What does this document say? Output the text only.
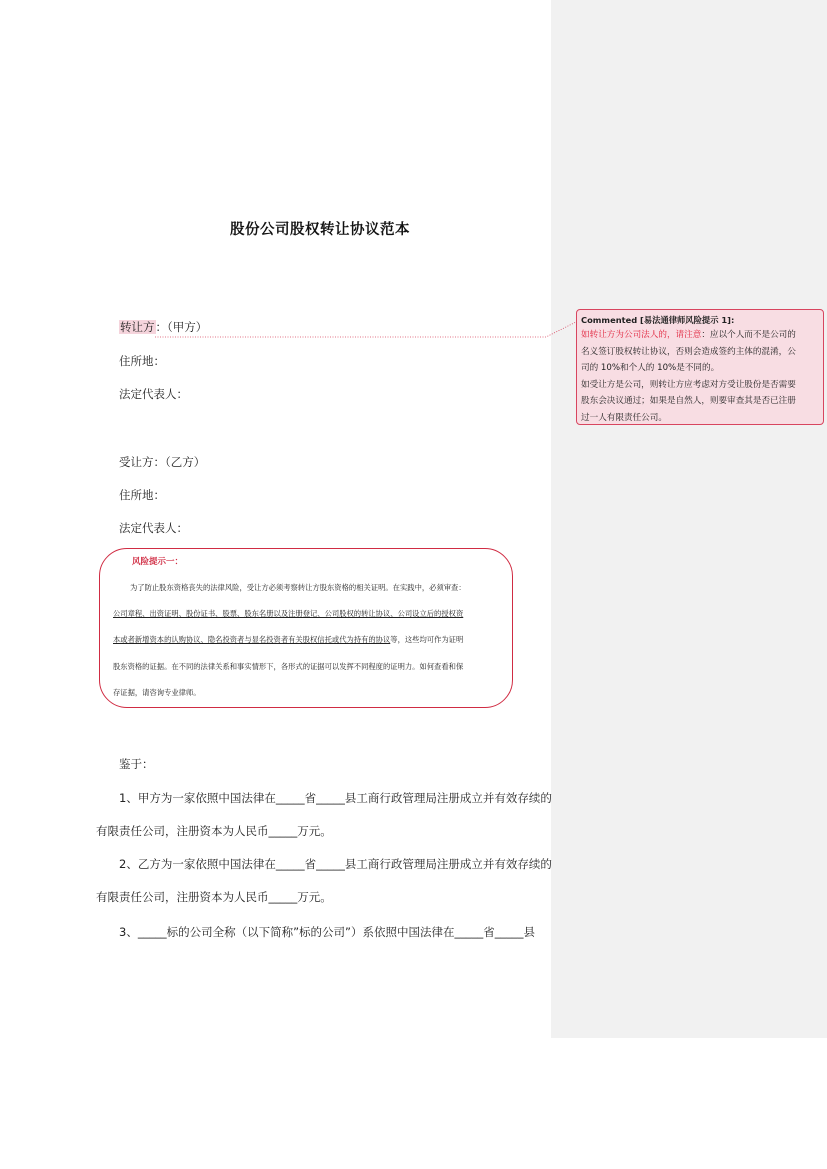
股份公司股权转让协议范本
转让方：（甲方）
住所地：
法定代表人：
受让方：（乙方）
住所地：
法定代表人：
风险提示一：
为了防止股东资格丧失的法律风险，受让方必须考察转让方股东资格的相关证明。在实践中，必须审查：
公司章程、出资证明、股份证书、股票、股东名册以及注册登记、公司股权的转让协议、公司设立后的授权资
本或者新增资本的认购协议、隐名投资者与显名投资者有关股权信托或代为持有的协议等，这些均可作为证明
股东资格的证据。在不同的法律关系和事实情形下，各形式的证据可以发挥不同程度的证明力。如何查看和保
存证据，请咨询专业律师。
鉴于：
1、甲方为一家依照中国法律在_____省_____县工商行政管理局注册成立并有效存续的
有限责任公司，注册资本为人民币_____万元。
2、乙方为一家依照中国法律在_____省_____县工商行政管理局注册成立并有效存续的
有限责任公司，注册资本为人民币_____万元。
3、_____标的公司全称（以下简称”标的公司”）系依照中国法律在_____省_____县
Commented [易法通律师风险提示 1]:
如转让方为公司法人的，请注意：应以个人而不是公司的
名义签订股权转让协议，否则会造成签约主体的混淆，公
司的 10%和个人的 10%是不同的。
如受让方是公司，则转让方应考虑对方受让股份是否需要
股东会决议通过；如果是自然人，则要审查其是否已注册
过一人有限责任公司。
